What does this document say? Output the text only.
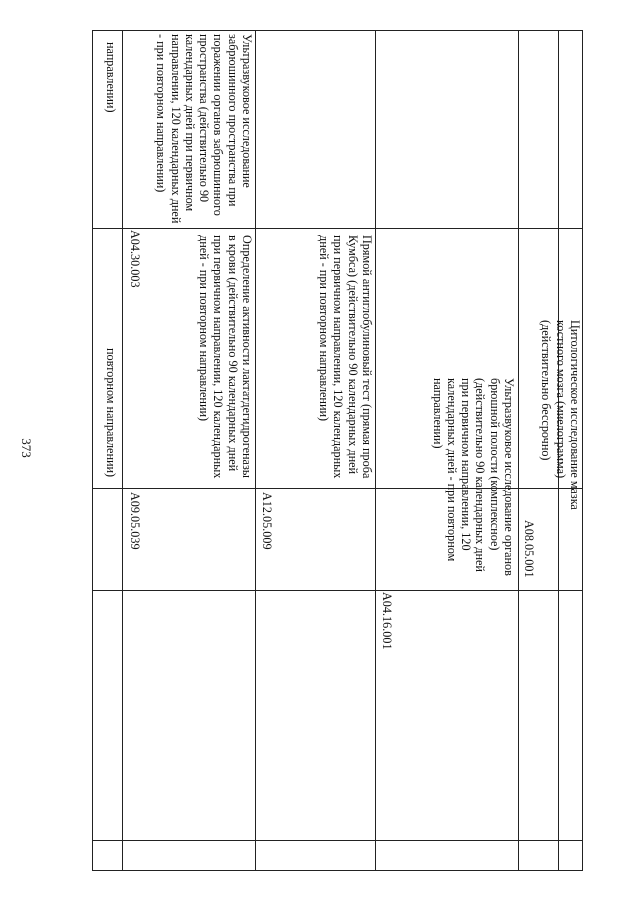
373	повторном направлении)
направлении)
A09.05.039
Определение активности лактатдегидрогеназы в крови (действительно 90 календарных дней при первичном направлении, 120 календарных дней - при повторном направлении)
A04.30.003
Ультразвуковое исследование забрюшинного пространства при поражении органов забрюшинного пространства (действительно 90 календарных дней при первичном направлении, 120 календарных дней - при повторном направлении)
A12.05.009
Прямой антиглобулиновый тест (прямая проба Кумбса) (действительно 90 календарных дней при первичном направлении, 120 календарных дней - при повторном направлении)
A04.16.001
Ультразвуковое исследование органов брюшной полости (комплексное) (действительно 90 календарных дней при первичном направлении, 120 календарных дней - при повторном направлении)
A08.05.001
Цитологическое исследование мазка костного мозга (миелограмма) (действительно бессрочно)
